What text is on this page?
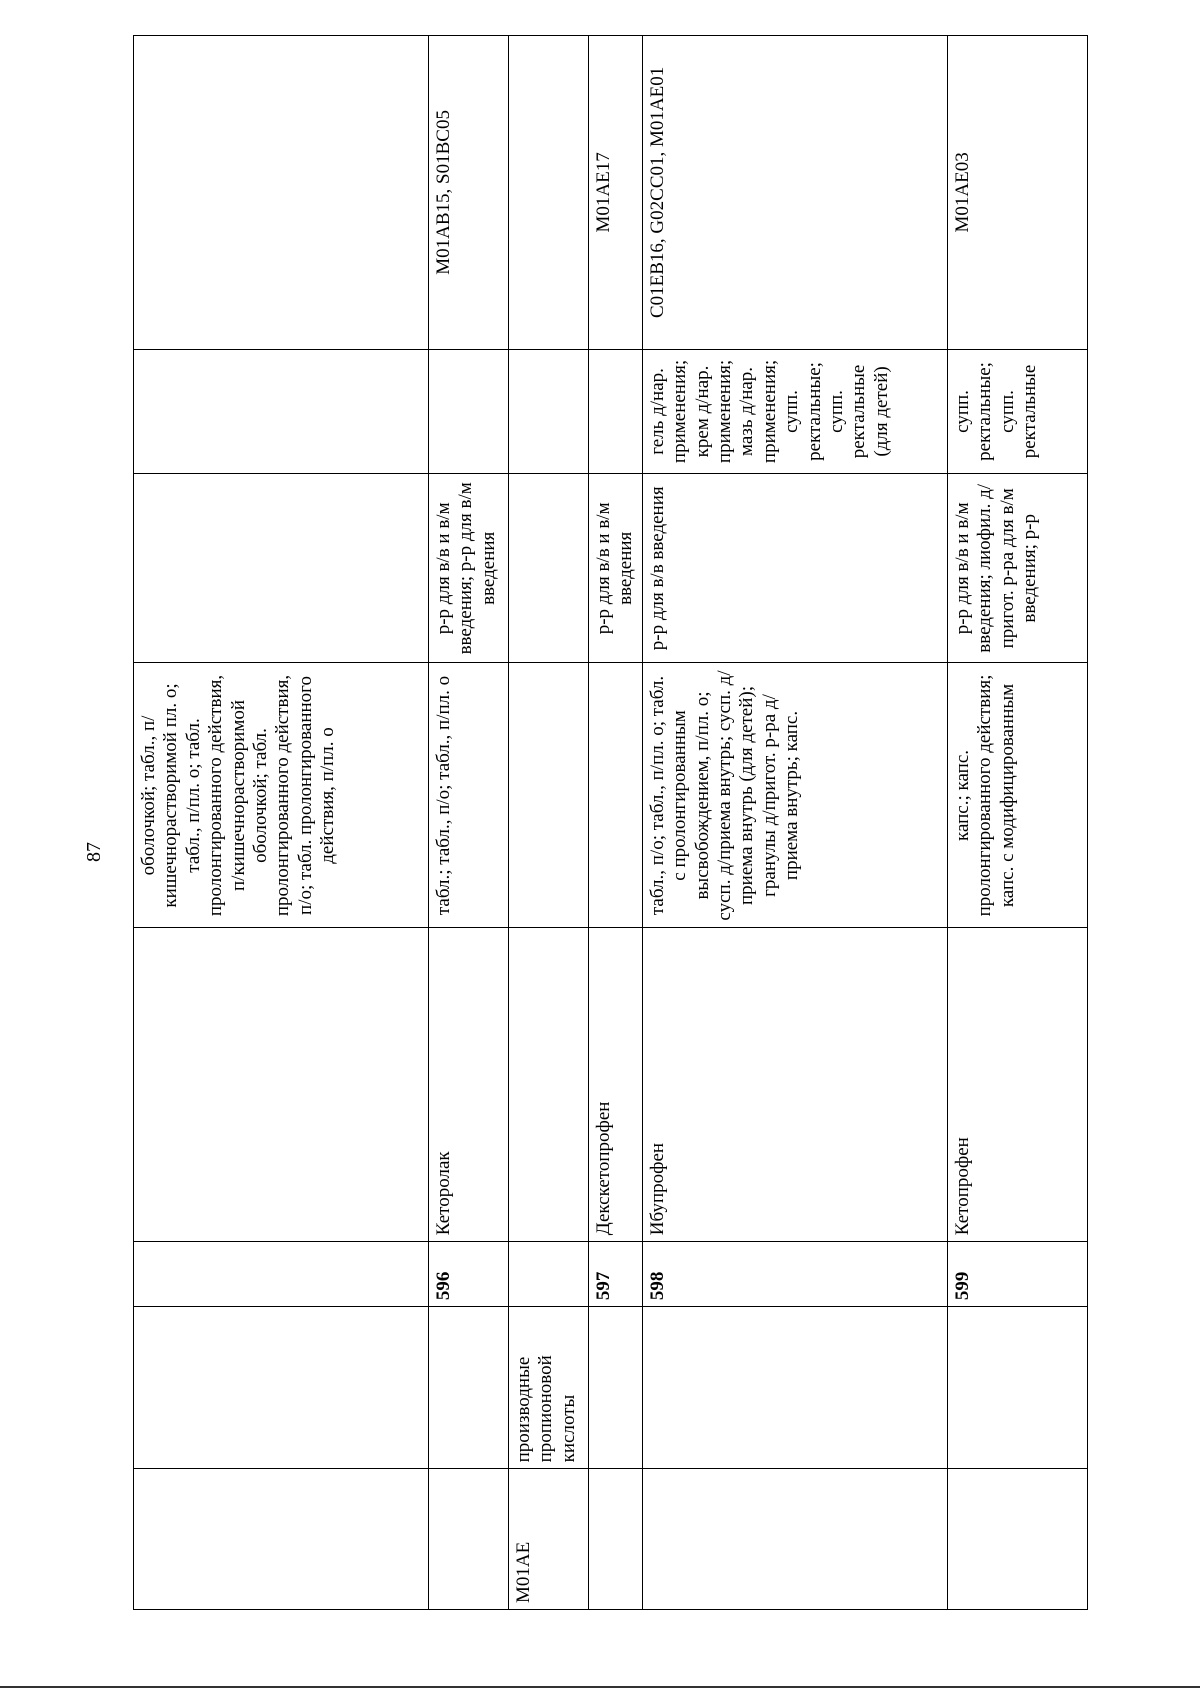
87
				оболочкой; табл., п/кишечнорастворимой пл. о; табл., п/пл. о; табл. пролонгированного действия, п/кишечнорастворимой оболочкой; табл. пролонгированного действия, п/о; табл. пролонгированного действия, п/пл. о			
		596	Кеторолак	табл.; табл., п/о; табл., п/пл. о	р-р для в/в и в/м введения; р-р для в/м введения		M01AB15, S01BC05
M01AE	производные пропионовой кислоты						
		597	Декскетопрофен		р-р для в/в и в/м введения		M01AE17
		598	Ибупрофен	табл., п/о; табл., п/пл. о; табл. с пролонгированным высвобождением, п/пл. о; сусп. д/приема внутрь; сусп. д/приема внутрь (для детей); гранулы д/пригот. р-ра д/приема внутрь; капс.	р-р для в/в введения	гель д/нар. применения; крем д/нар. применения; мазь д/нар. применения; супп. ректальные; супп. ректальные (для детей)	C01EB16, G02CC01, M01AE01
		599	Кетопрофен	капс.; капс. пролонгированного действия; капс. с модифицированным	р-р для в/в и в/м введения; лиофил. д/пригот. р-ра для в/м введения; р-р	супп. ректальные; супп. ректальные	M01AE03
